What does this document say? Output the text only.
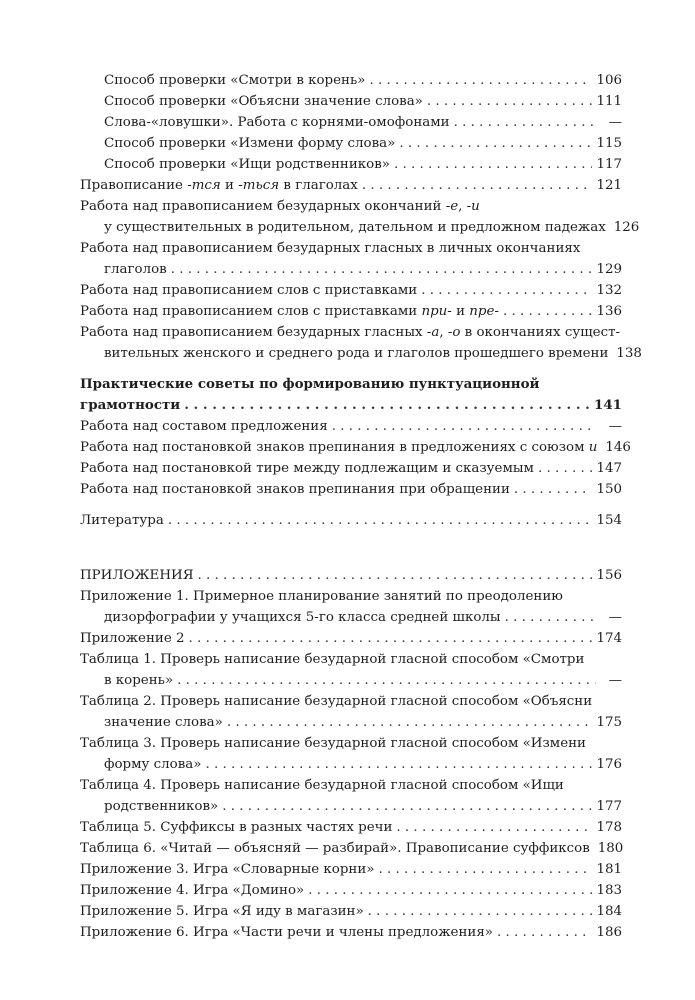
Способ проверки «Смотри в корень» . . .	106
Способ проверки «Объясни значение слова» . . .	111
Слова-«ловушки». Работа с корнями-омофонами . . .	—
Способ проверки «Измени форму слова» . . .	115
Способ проверки «Ищи родственников» . . .	117
Правописание -тся и -ться в глаголах . . .	121
Работа над правописанием безударных окончаний -е, -и
у существительных в родительном, дательном и предложном падежах 126
Работа над правописанием безударных гласных в личных окончаниях
глаголов . . .	129
Работа над правописанием слов с приставками . . .	132
Работа над правописанием слов с приставками при- и пре- . . .	136
Работа над правописанием безударных гласных -а, -о в окончаниях сущест-
вительных женского и среднего рода и глаголов прошедшего времени 138
Практические советы по формированию пунктуационной
грамотности . . .	141
Работа над составом предложения . . .	—
Работа над постановкой знаков препинания в предложениях с союзом и 146
Работа над постановкой тире между подлежащим и сказуемым . . .	147
Работа над постановкой знаков препинания при обращении . . .	150
Литература . . .	154
ПРИЛОЖЕНИЯ . . .	156
Приложение 1. Примерное планирование занятий по преодолению
дизорфографии у учащихся 5-го класса средней школы . . .	—
Приложение 2 . . .	174
Таблица 1. Проверь написание безударной гласной способом «Смотри
в корень» . . .	—
Таблица 2. Проверь написание безударной гласной способом «Объясни
значение слова» . . .	175
Таблица 3. Проверь написание безударной гласной способом «Измени
форму слова» . . .	176
Таблица 4. Проверь написание безударной гласной способом «Ищи
родственников» . . .	177
Таблица 5. Суффиксы в разных частях речи . . .	178
Таблица 6. «Читай — объясняй — разбирай». Правописание суффиксов 180
Приложение 3. Игра «Словарные корни» . . .	181
Приложение 4. Игра «Домино» . . .	183
Приложение 5. Игра «Я иду в магазин» . . .	184
Приложение 6. Игра «Части речи и члены предложения» . . .	186
